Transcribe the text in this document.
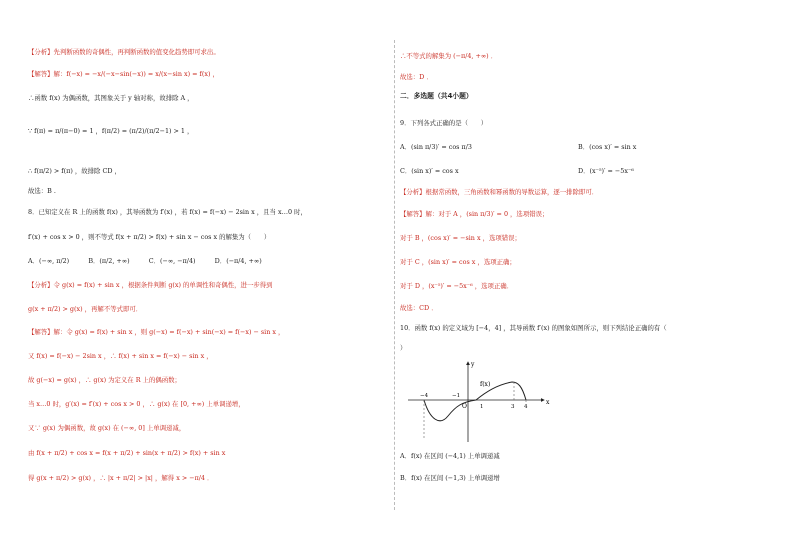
【分析】先判断函数的奇偶性，再判断函数的值变化趋势即可求出。
【解答】解：f(−x) = −x/(−x−sin(−x)) = x/(x−sin x) = f(x) ，
∴函数 f(x) 为偶函数，其图象关于 y 轴对称，故排除 A ，
∵ f(π) = π/(π−0) = 1 ，f(π/2) = (π/2)/(π/2−1) > 1 ，
∴ f(π/2) > f(π) ，故排除 CD ，
故选：B .
8．已知定义在 R 上的函数 f(x) ，其导函数为 f′(x) ，若 f(x) = f(−x) − 2sin x ，且当 x…0 时，
f′(x) + cos x > 0 ，则不等式 f(x + π/2) > f(x) + sin x − cos x 的解集为（　　）
A．(−∞, π/2)　　　B．(π/2, +∞)　　　C．(−∞, −π/4)　　　D．(−π/4, +∞)
【分析】令 g(x) = f(x) + sin x ，根据条件判断 g(x) 的单调性和奇偶性，进一步得到
g(x + π/2) > g(x) ，再解不等式即可．
【解答】解：令 g(x) = f(x) + sin x ，则 g(−x) = f(−x) + sin(−x) = f(−x) − sin x ，
又 f(x) = f(−x) − 2sin x ，∴ f(x) + sin x = f(−x) − sin x ，
故 g(−x) = g(x) ，∴ g(x) 为定义在 R 上的偶函数；
当 x…0 时，g′(x) = f′(x) + cos x > 0 ，∴ g(x) 在 [0, +∞) 上单调递增，
又∵ g(x) 为偶函数，故 g(x) 在 (−∞, 0] 上单调递减，
由 f(x + π/2) + cos x = f(x + π/2) + sin(x + π/2) > f(x) + sin x
得 g(x + π/2) > g(x) ，∴ |x + π/2| > |x| ，解得 x > −π/4 ．
∴不等式的解集为 (−π/4, +∞) ．
故选：D ．
二．多选题（共4小题）
9．下列各式正确的是（　　）
A．(sin π/3)′ = cos π/3	B．(cos x)′ = sin x
C．(sin x)′ = cos x	D．(x⁻⁵)′ = −5x⁻⁶
【分析】根据常函数，三角函数和幂函数的导数运算，逐一排除即可．
【解答】解：对于 A ，(sin π/3)′ = 0 ，选项错误；
对于 B ，(cos x)′ = −sin x ，选项错误；
对于 C ，(sin x)′ = cos x ，选项正确；
对于 D ，(x⁻⁵)′ = −5x⁻⁶ ，选项正确．
故选：CD ．
10．函数 f(x) 的定义域为 [−4，4] ，其导函数 f′(x) 的图象如图所示，则下列结论正确的有（
）
f(x)
x
y
O
−4	−1
1	3 4
A．f(x) 在区间 (−4,1) 上单调递减
B．f(x) 在区间 (−1,3) 上单调递增
